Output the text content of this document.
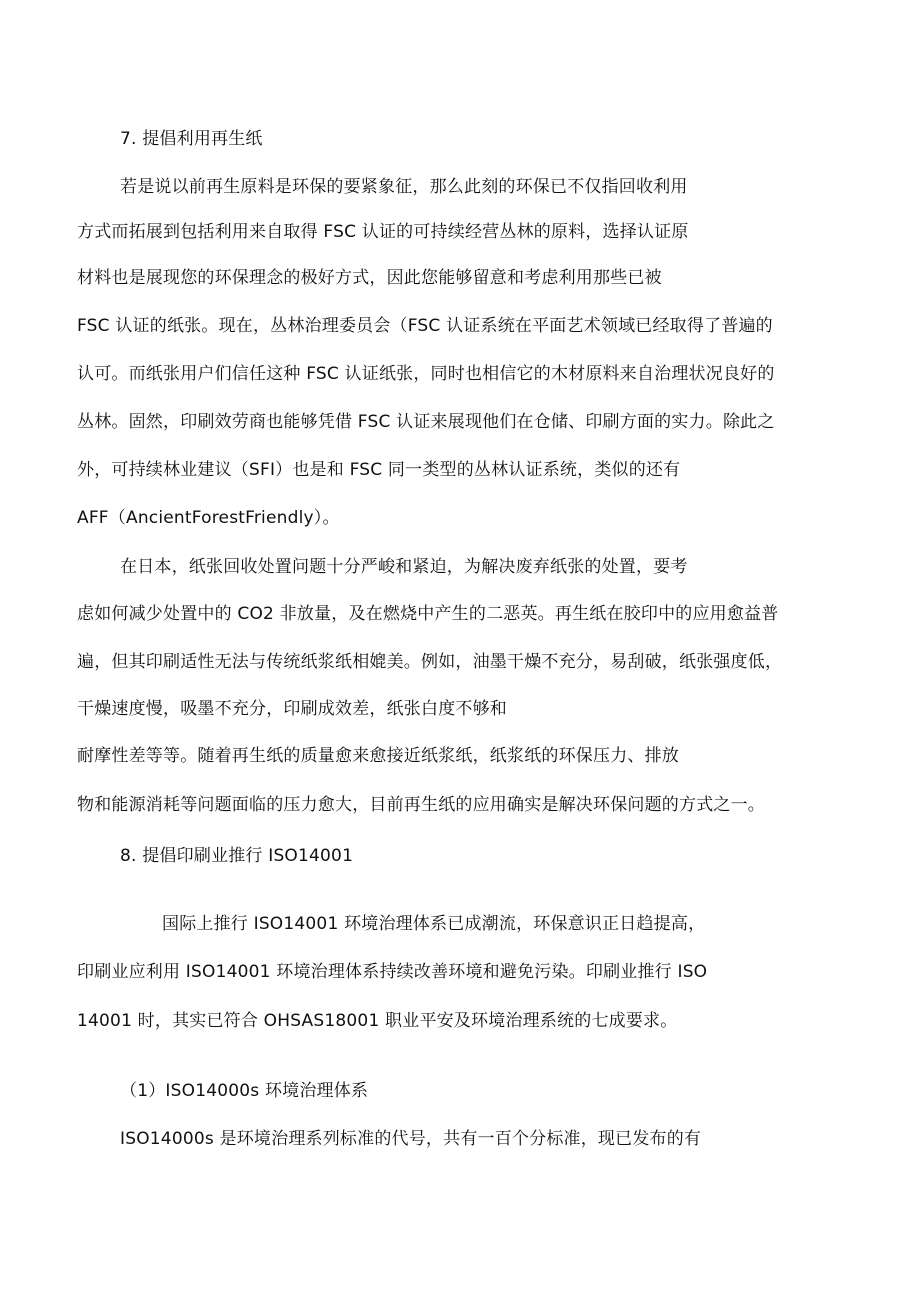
7. 提倡利用再生纸

若是说以前再生原料是环保的要紧象征，那么此刻的环保已不仅指回收利用

方式而拓展到包括利用来自取得 FSC 认证的可持续经营丛林的原料，选择认证原

材料也是展现您的环保理念的极好方式，因此您能够留意和考虑利用那些已被

FSC 认证的纸张。现在，丛林治理委员会（FSC 认证系统在平面艺术领域已经取得了普遍的

认可。而纸张用户们信任这种 FSC 认证纸张，同时也相信它的木材原料来自治理状况良好的

丛林。固然，印刷效劳商也能够凭借 FSC 认证来展现他们在仓储、印刷方面的实力。除此之

外，可持续林业建议（SFI）也是和 FSC 同一类型的丛林认证系统，类似的还有

AFF（AncientForestFriendly）。

在日本，纸张回收处置问题十分严峻和紧迫，为解决废弃纸张的处置，要考

虑如何减少处置中的 CO2 非放量，及在燃烧中产生的二恶英。再生纸在胶印中的应用愈益普

遍，但其印刷适性无法与传统纸浆纸相媲美。例如，油墨干燥不充分，易刮破，纸张强度低，

干燥速度慢，吸墨不充分，印刷成效差，纸张白度不够和

耐摩性差等等。随着再生纸的质量愈来愈接近纸浆纸，纸浆纸的环保压力、排放

物和能源消耗等问题面临的压力愈大，目前再生纸的应用确实是解决环保问题的方式之一。

8. 提倡印刷业推行 ISO14001

国际上推行 ISO14001 环境治理体系已成潮流，环保意识正日趋提高，

印刷业应利用 ISO14001 环境治理体系持续改善环境和避免污染。印刷业推行 ISO

14001 时，其实已符合 OHSAS18001 职业平安及环境治理系统的七成要求。

（1）ISO14000s 环境治理体系

ISO14000s 是环境治理系列标准的代号，共有一百个分标准，现已发布的有
